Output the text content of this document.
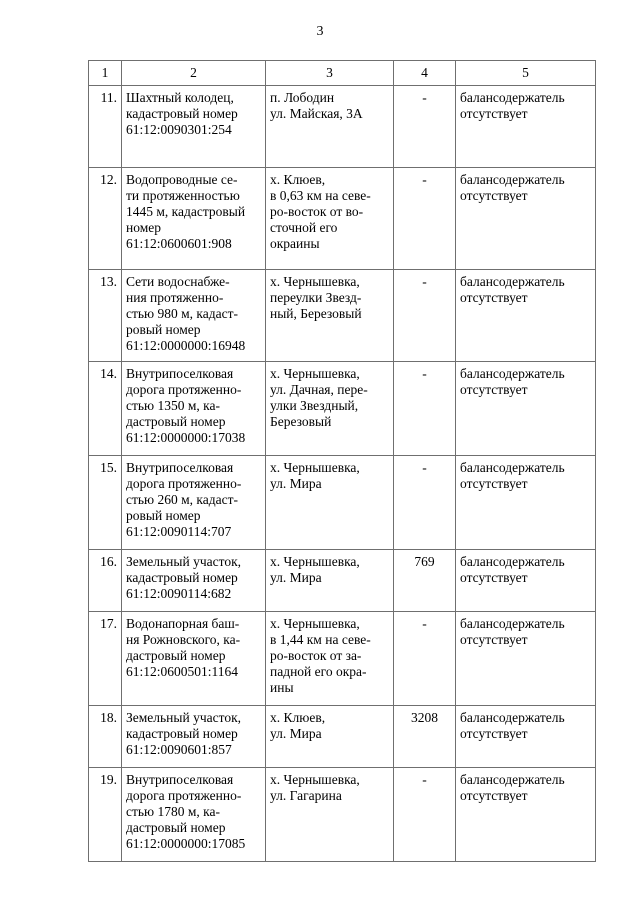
3
1	2	3	4	5
11.	Шахтный колодец,
кадастровый номер
61:12:0090301:254	п. Лободин
ул. Майская, 3А	-	балансодержатель
отсутствует
12.	Водопроводные се-
ти протяженностью
1445 м, кадастровый
номер
61:12:0600601:908	х. Клюев,
в 0,63 км на севе-
ро-восток от во-
сточной его
окраины	-	балансодержатель
отсутствует
13.	Сети водоснабже-
ния протяженно-
стью 980 м, кадаст-
ровый номер
61:12:0000000:16948	х. Чернышевка,
переулки Звезд-
ный, Березовый	-	балансодержатель
отсутствует
14.	Внутрипоселковая
дорога протяженно-
стью 1350 м, ка-
дастровый номер
61:12:0000000:17038	х. Чернышевка,
ул. Дачная, пере-
улки Звездный,
Березовый	-	балансодержатель
отсутствует
15.	Внутрипоселковая
дорога протяженно-
стью 260 м, кадаст-
ровый номер
61:12:0090114:707	х. Чернышевка,
ул. Мира	-	балансодержатель
отсутствует
16.	Земельный участок,
кадастровый номер
61:12:0090114:682	х. Чернышевка,
ул. Мира	769	балансодержатель
отсутствует
17.	Водонапорная баш-
ня Рожновского, ка-
дастровый номер
61:12:0600501:1164	х. Чернышевка,
в 1,44 км на севе-
ро-восток от за-
падной его окра-
ины	-	балансодержатель
отсутствует
18.	Земельный участок,
кадастровый номер
61:12:0090601:857	х. Клюев,
ул. Мира	3208	балансодержатель
отсутствует
19.	Внутрипоселковая
дорога протяженно-
стью 1780 м, ка-
дастровый номер
61:12:0000000:17085	х. Чернышевка,
ул. Гагарина	-	балансодержатель
отсутствует
